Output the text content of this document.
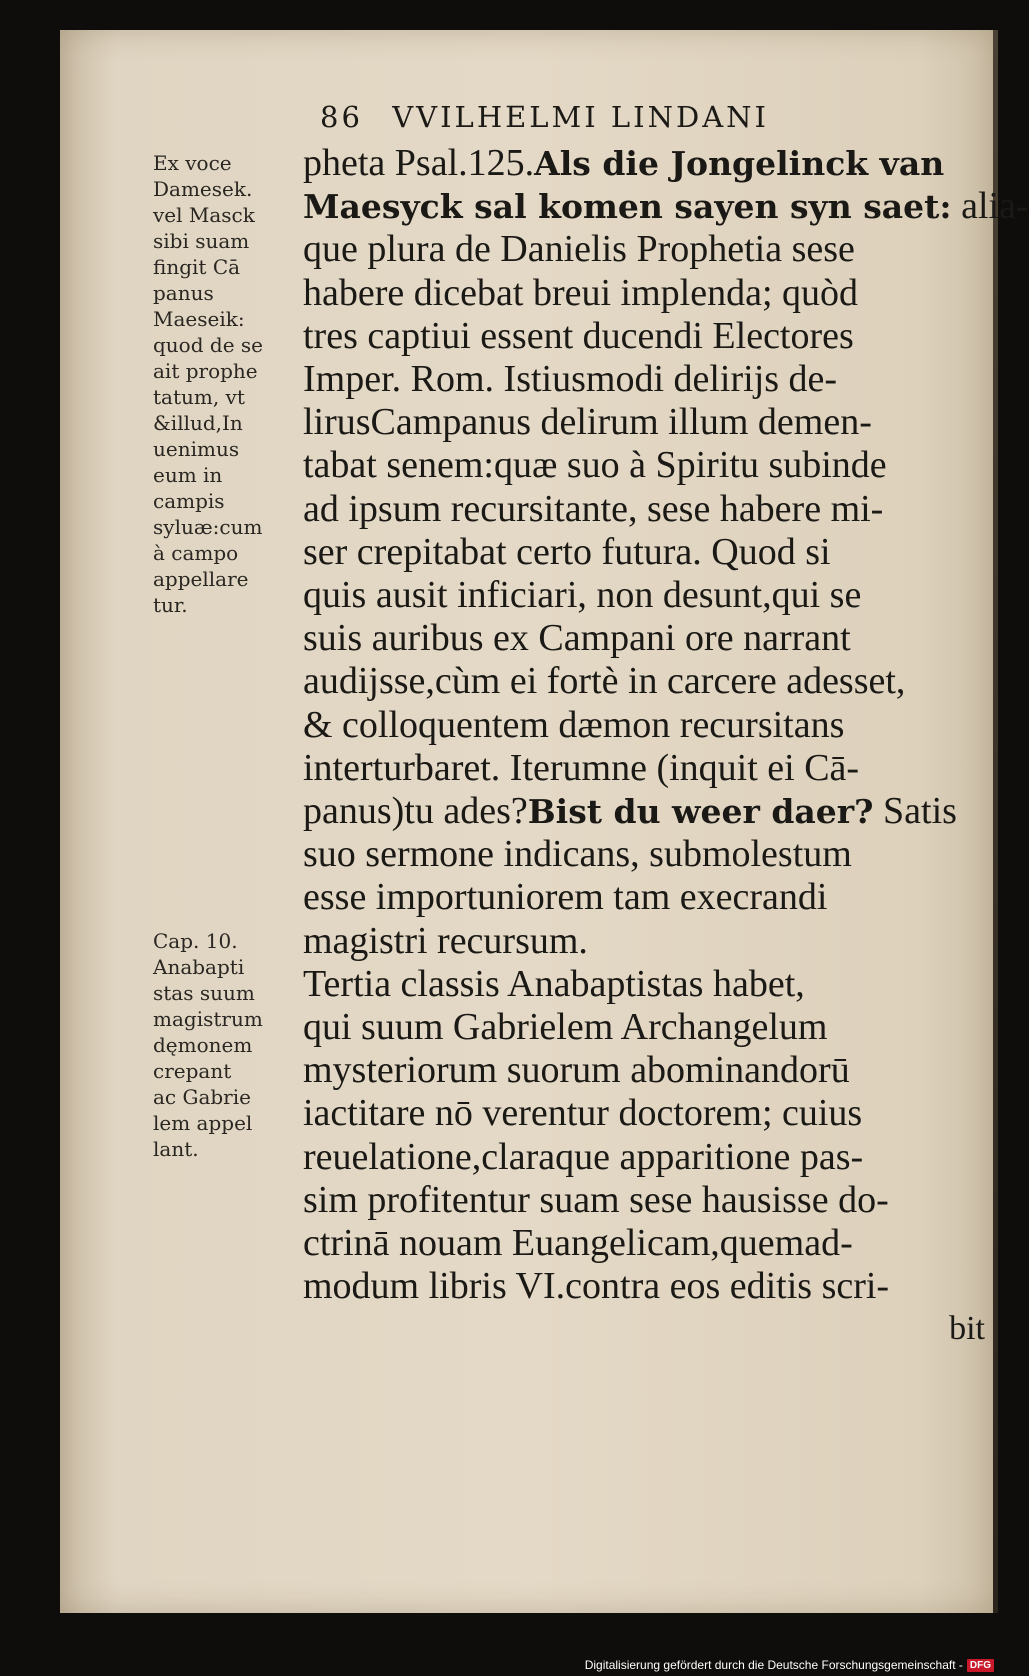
86 VVILHELMI LINDANI
Ex voce
Damesek.
vel Masck
sibi suam
fingit Cā
panus
Maeseik:
quod de se
ait prophe
tatum, vt
&illud,In
uenimus
eum in
campis
syluæ:cum
à campo
appellare
tur.
Cap. 10.
Anabapti
stas suum
magistrum
dęmonem
crepant
ac Gabrie
lem appel
lant.
pheta Psal.125.Als die Jongelinck van
Maesyck sal komen sayen syn saet: alia-
que plura de Danielis Prophetia sese
habere dicebat breui implenda; quòd
tres captiui essent ducendi Electores
Imper. Rom. Istiusmodi delirijs de-
lirusCampanus delirum illum demen-
tabat senem:quæ suo à Spiritu subinde
ad ipsum recursitante, sese habere mi-
ser crepitabat certo futura. Quod si
quis ausit inficiari, non desunt,qui se
suis auribus ex Campani ore narrant
audijsse,cùm ei fortè in carcere adesset,
& colloquentem dæmon recursitans
interturbaret. Iterumne (inquit ei Cā-
panus)tu ades?Bist du weer daer? Satis
suo sermone indicans, submolestum
esse importuniorem tam execrandi
magistri recursum.
Tertia classis Anabaptistas habet,
qui suum Gabrielem Archangelum
mysteriorum suorum abominandorū
iactitare nō verentur doctorem; cuius
reuelatione,claraque apparitione pas-
sim profitentur suam sese hausisse do-
ctrinā nouam Euangelicam,quemad-
modum libris VI.contra eos editis scri-
bit
Digitalisierung gefördert durch die Deutsche Forschungsgemeinschaft - DFG
